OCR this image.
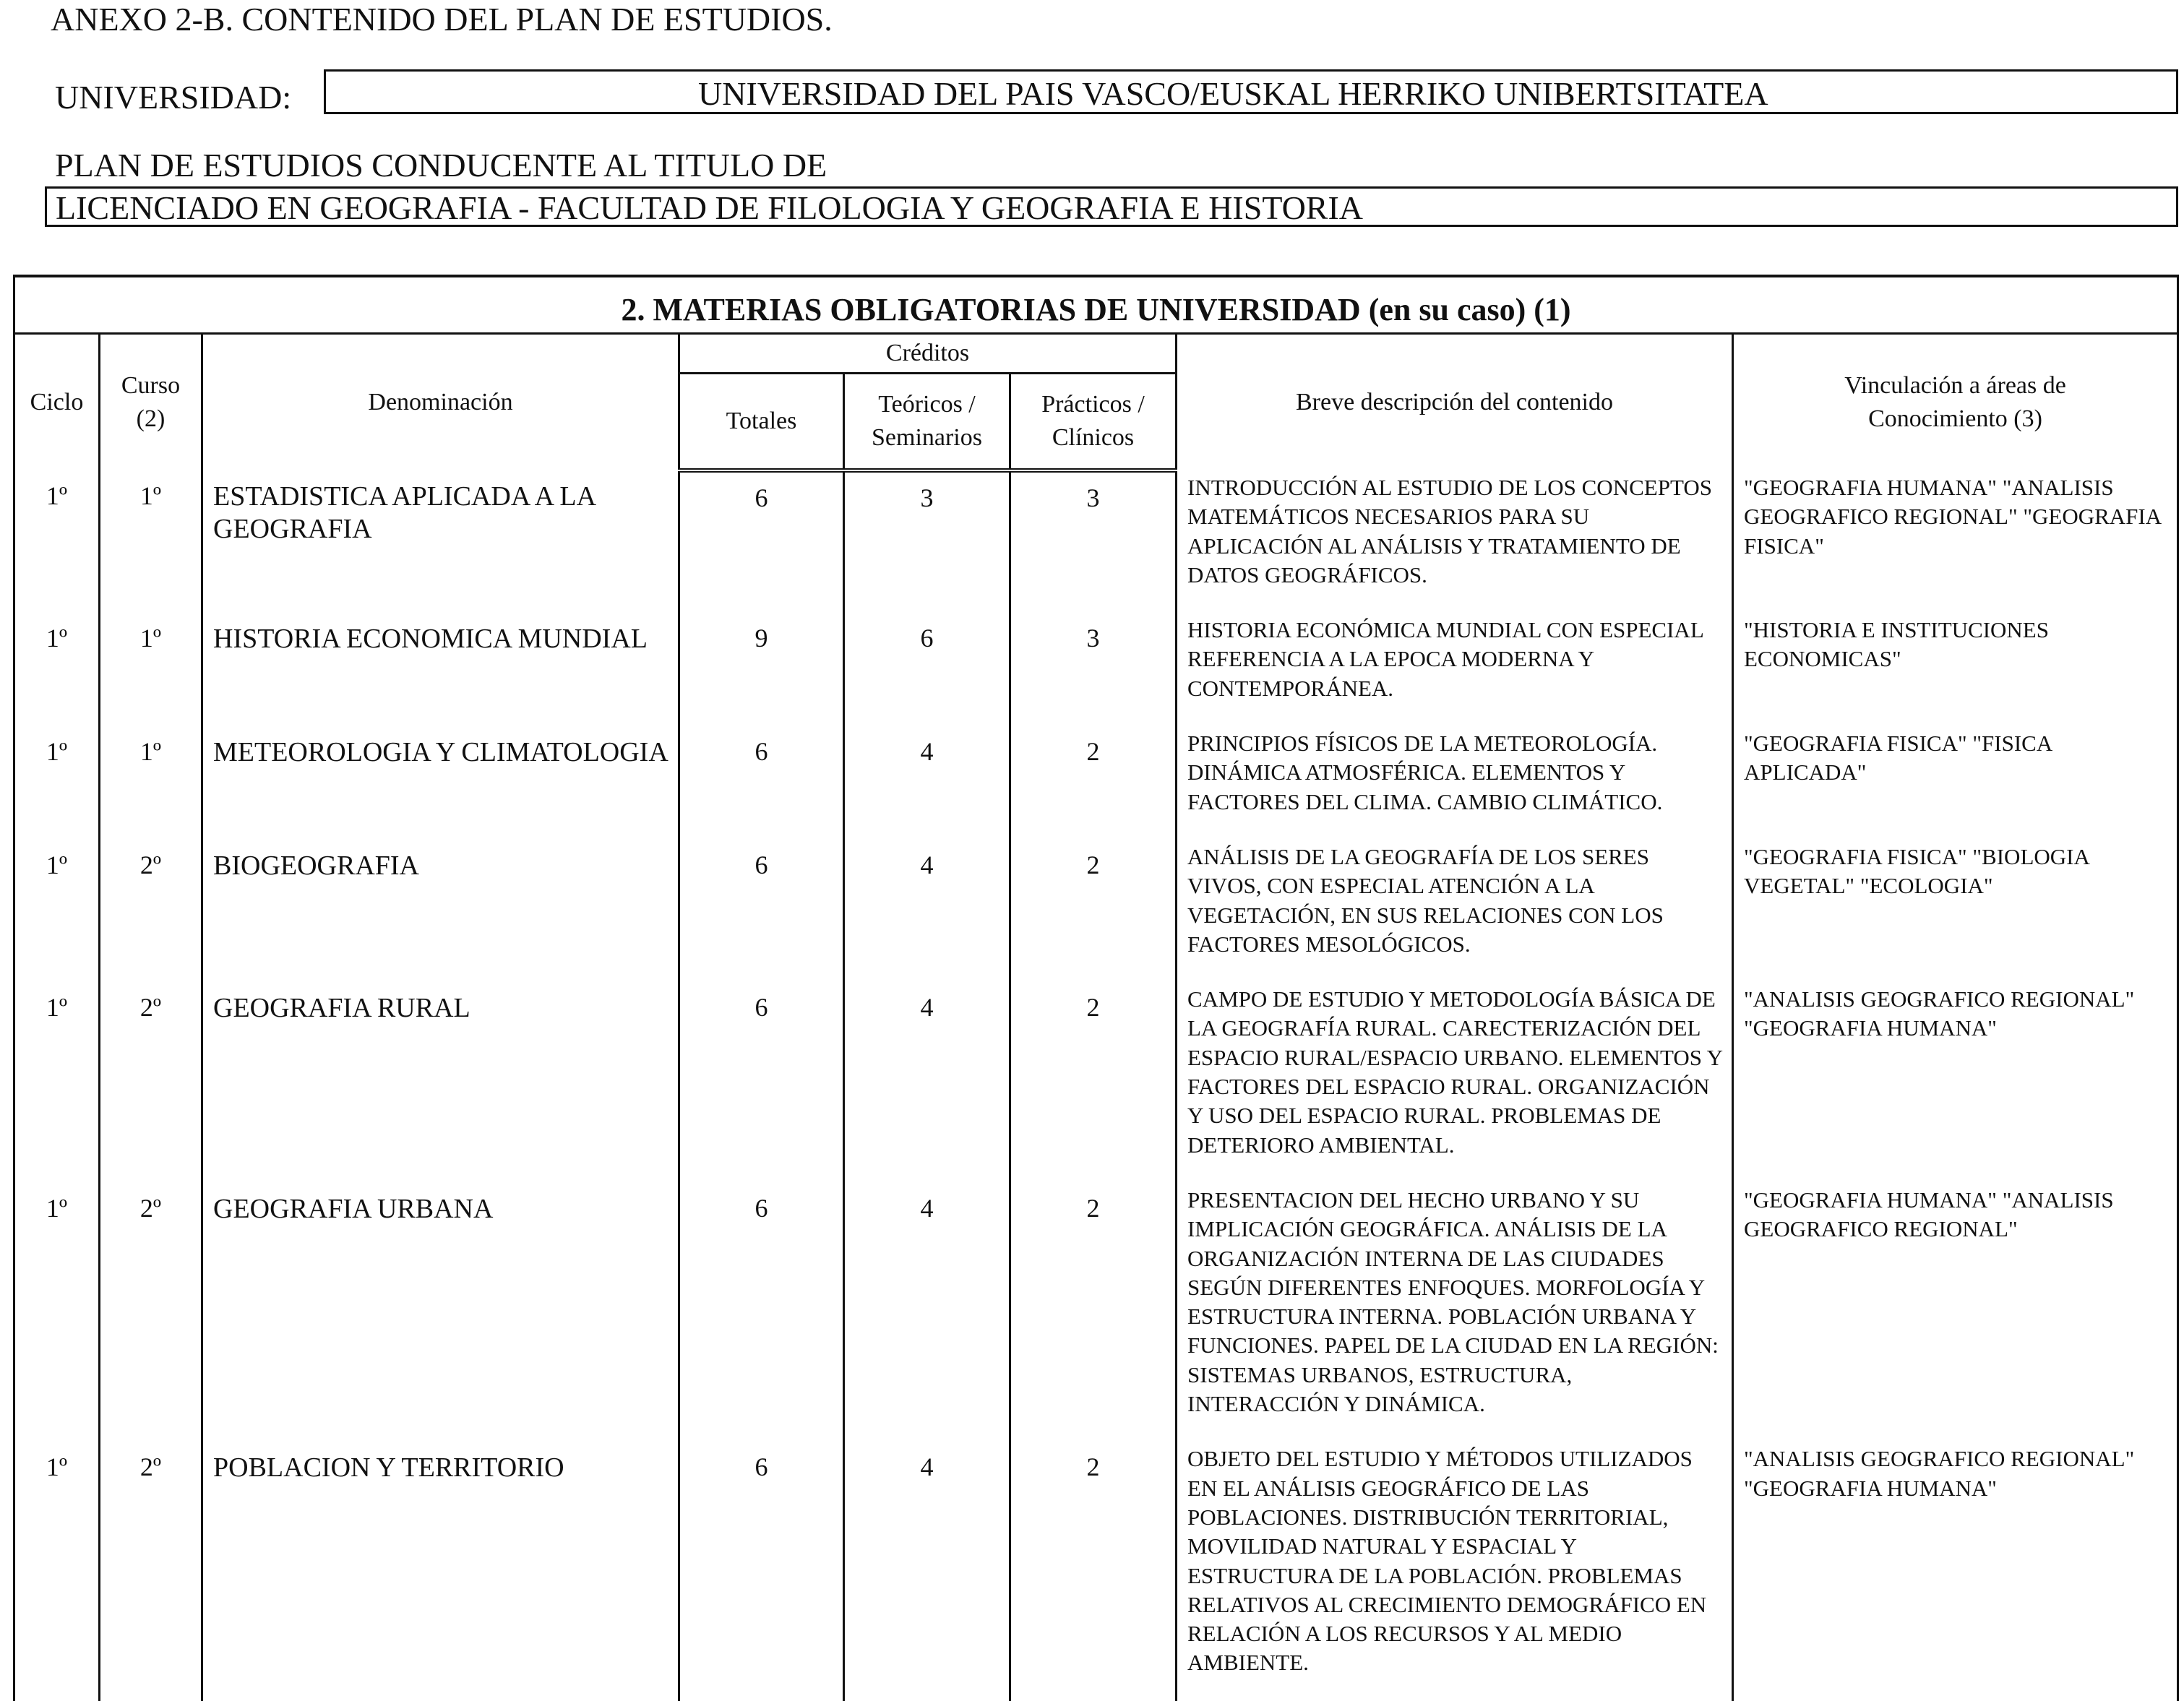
ANEXO 2-B. CONTENIDO DEL PLAN DE ESTUDIOS.
UNIVERSIDAD:	UNIVERSIDAD DEL PAIS VASCO/EUSKAL HERRIKO UNIBERTSITATEA
PLAN DE ESTUDIOS CONDUCENTE AL TITULO DE
LICENCIADO EN GEOGRAFIA - FACULTAD DE FILOLOGIA Y GEOGRAFIA E HISTORIA
2. MATERIAS OBLIGATORIAS DE UNIVERSIDAD (en su caso) (1)							
Ciclo	Curso (2)	Denominación	Créditos			Breve descripción del contenido	Vinculación a áreas de Conocimiento (3)
			Totales	Teóricos / Seminarios	Prácticos / Clínicos		
1º	1º	ESTADISTICA APLICADA A LA GEOGRAFIA	6	3	3	INTRODUCCIÓN AL ESTUDIO DE LOS CONCEPTOS MATEMÁTICOS NECESARIOS PARA SU APLICACIÓN AL ANÁLISIS Y TRATAMIENTO DE DATOS GEOGRÁFICOS.	"GEOGRAFIA HUMANA" "ANALISIS GEOGRAFICO REGIONAL" "GEOGRAFIA FISICA"
1º	1º	HISTORIA ECONOMICA MUNDIAL	9	6	3	HISTORIA ECONÓMICA MUNDIAL CON ESPECIAL REFERENCIA A LA EPOCA MODERNA Y CONTEMPORÁNEA.	"HISTORIA E INSTITUCIONES ECONOMICAS"
1º	1º	METEOROLOGIA Y CLIMATOLOGIA	6	4	2	PRINCIPIOS FÍSICOS DE LA METEOROLOGÍA. DINÁMICA ATMOSFÉRICA. ELEMENTOS Y FACTORES DEL CLIMA. CAMBIO CLIMÁTICO.	"GEOGRAFIA FISICA" "FISICA APLICADA"
1º	2º	BIOGEOGRAFIA	6	4	2	ANÁLISIS DE LA GEOGRAFÍA DE LOS SERES VIVOS, CON ESPECIAL ATENCIÓN A LA VEGETACIÓN, EN SUS RELACIONES CON LOS FACTORES MESOLÓGICOS.	"GEOGRAFIA FISICA" "BIOLOGIA VEGETAL" "ECOLOGIA"
1º	2º	GEOGRAFIA RURAL	6	4	2	CAMPO DE ESTUDIO Y METODOLOGÍA BÁSICA DE LA GEOGRAFÍA RURAL. CARECTERIZACIÓN DEL ESPACIO RURAL/ESPACIO URBANO. ELEMENTOS Y FACTORES DEL ESPACIO RURAL. ORGANIZACIÓN Y USO DEL ESPACIO RURAL. PROBLEMAS DE DETERIORO AMBIENTAL.	"ANALISIS GEOGRAFICO REGIONAL" "GEOGRAFIA HUMANA"
1º	2º	GEOGRAFIA URBANA	6	4	2	PRESENTACION DEL HECHO URBANO Y SU IMPLICACIÓN GEOGRÁFICA. ANÁLISIS DE LA ORGANIZACIÓN INTERNA DE LAS CIUDADES SEGÚN DIFERENTES ENFOQUES. MORFOLOGÍA Y ESTRUCTURA INTERNA. POBLACIÓN URBANA Y FUNCIONES. PAPEL DE LA CIUDAD EN LA REGIÓN: SISTEMAS URBANOS, ESTRUCTURA, INTERACCIÓN Y DINÁMICA.	"GEOGRAFIA HUMANA" "ANALISIS GEOGRAFICO REGIONAL"
1º	2º	POBLACION Y TERRITORIO	6	4	2	OBJETO DEL ESTUDIO Y MÉTODOS UTILIZADOS EN EL ANÁLISIS GEOGRÁFICO DE LAS POBLACIONES. DISTRIBUCIÓN TERRITORIAL, MOVILIDAD NATURAL Y ESPACIAL Y ESTRUCTURA DE LA POBLACIÓN. PROBLEMAS RELATIVOS AL CRECIMIENTO DEMOGRÁFICO EN RELACIÓN A LOS RECURSOS Y AL MEDIO AMBIENTE.	"ANALISIS GEOGRAFICO REGIONAL" "GEOGRAFIA HUMANA"
